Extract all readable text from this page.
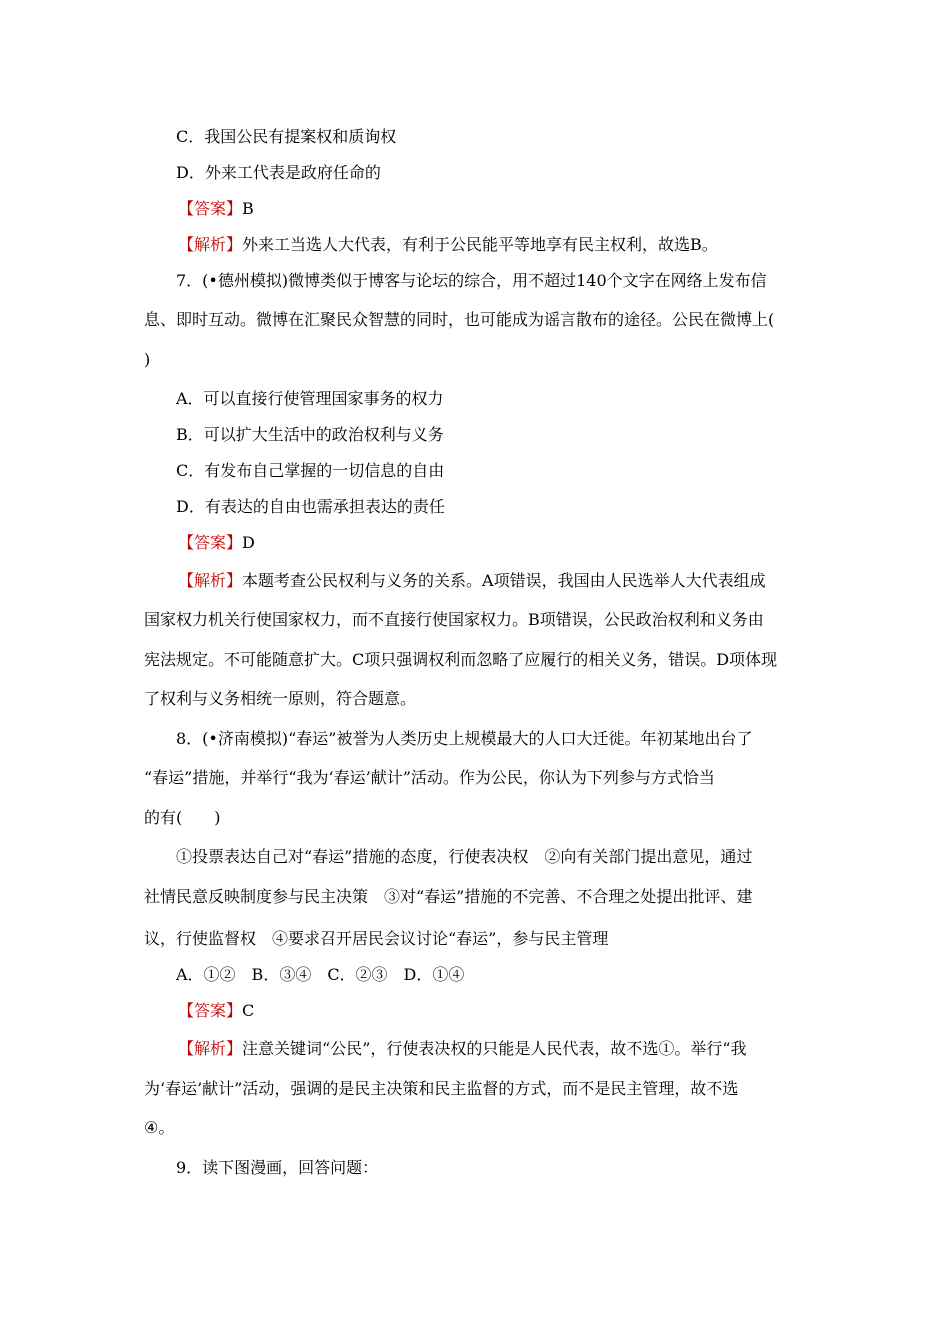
C．我国公民有提案权和质询权
D．外来工代表是政府任命的
【答案】B
【解析】外来工当选人大代表，有利于公民能平等地享有民主权利，故选B。
7．(•德州模拟)微博类似于博客与论坛的综合，用不超过140个文字在网络上发布信
息、即时互动。微博在汇聚民众智慧的同时，也可能成为谣言散布的途径。公民在微博上(
)
A．可以直接行使管理国家事务的权力
B．可以扩大生活中的政治权利与义务
C．有发布自己掌握的一切信息的自由
D．有表达的自由也需承担表达的责任
【答案】D
【解析】本题考查公民权利与义务的关系。A项错误，我国由人民选举人大代表组成
国家权力机关行使国家权力，而不直接行使国家权力。B项错误，公民政治权利和义务由
宪法规定。不可能随意扩大。C项只强调权利而忽略了应履行的相关义务，错误。D项体现
了权利与义务相统一原则，符合题意。
8．(•济南模拟)“春运”被誉为人类历史上规模最大的人口大迁徙。年初某地出台了
“春运”措施，并举行“我为‘春运’献计”活动。作为公民，你认为下列参与方式恰当
的有(　　)
①投票表达自己对“春运”措施的态度，行使表决权　②向有关部门提出意见，通过
社情民意反映制度参与民主决策　③对“春运”措施的不完善、不合理之处提出批评、建
议，行使监督权　④要求召开居民会议讨论“春运”，参与民主管理
A．①②　B．③④　C．②③　D．①④
【答案】C
【解析】注意关键词“公民”，行使表决权的只能是人民代表，故不选①。举行“我
为‘春运’献计”活动，强调的是民主决策和民主监督的方式，而不是民主管理，故不选
④。
9．读下图漫画，回答问题：
